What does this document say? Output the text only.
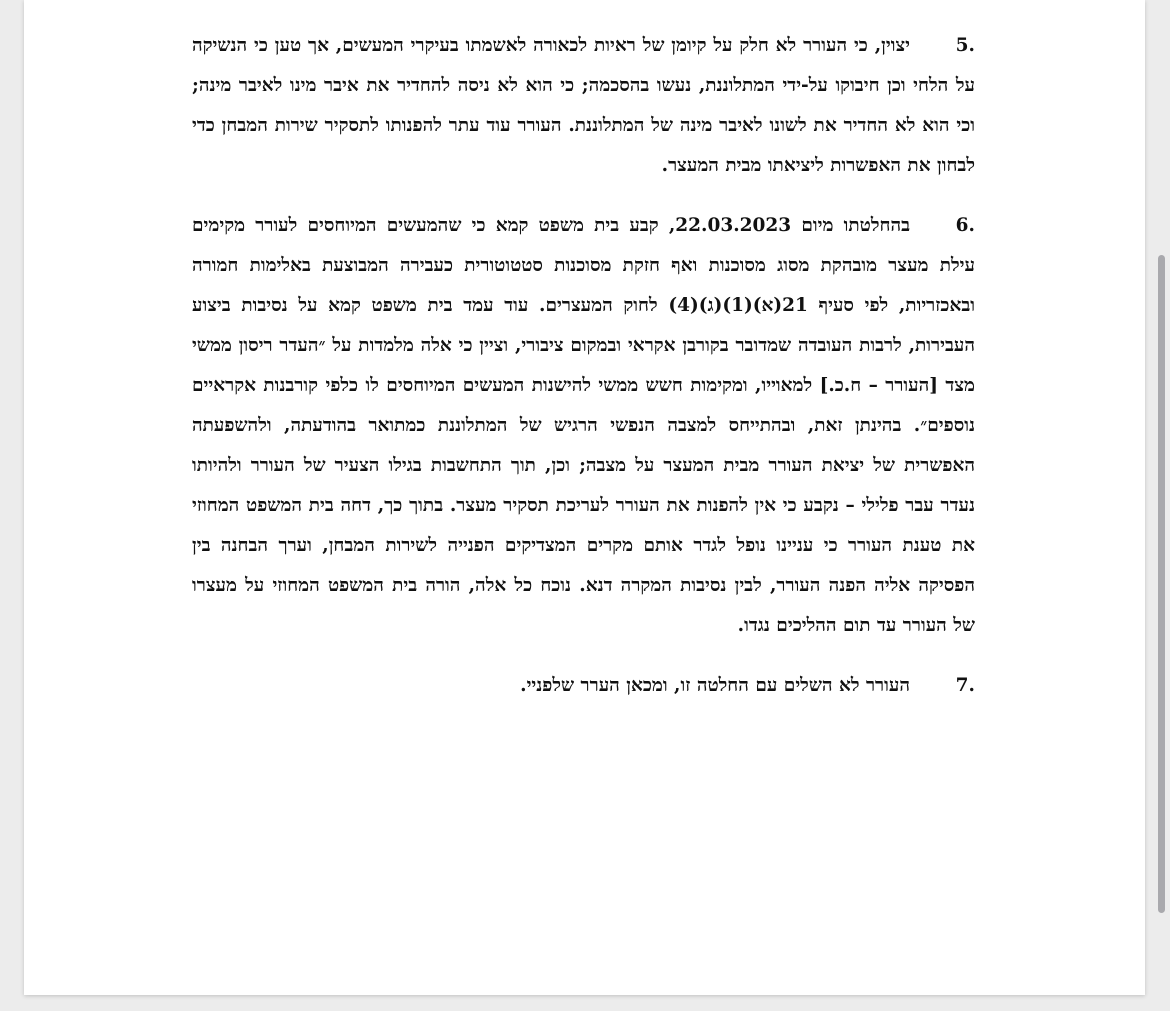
.5
יצוין, כי העורר לא חלק על קיומן של ראיות לכאורה לאשמתו בעיקרי המעשים, אך טען כי הנשיקה על הלחי וכן חיבוקו על-ידי המתלוננת, נעשו בהסכמה; כי הוא לא ניסה להחדיר את איבר מינו לאיבר מינה; וכי הוא לא החדיר את לשונו לאיבר מינה של המתלוננת. העורר עוד עתר להפנותו לתסקיר שירות המבחן כדי לבחון את האפשרות ליציאתו מבית המעצר.

.6
בהחלטתו מיום 22.03.2023, קבע בית משפט קמא כי שהמעשים המיוחסים לעורר מקימים עילת מעצר מובהקת מסוג מסוכנות ואף חזקת מסוכנות סטטוטורית כעבירה המבוצעת באלימות חמורה ובאכזריות, לפי סעיף 21(א)(1)(ג)(4) לחוק המעצרים. עוד עמד בית משפט קמא על נסיבות ביצוע העבירות, לרבות העובדה שמדובר בקורבן אקראי ובמקום ציבורי, וציין כי אלה מלמדות על ״העדר ריסון ממשי מצד [העורר – ח.כ.] למאוייו, ומקימות חשש ממשי להישנות המעשים המיוחסים לו כלפי קורבנות אקראיים נוספים״. בהינתן זאת, ובהתייחס למצבה הנפשי הרגיש של המתלוננת כמתואר בהודעתה, ולהשפעתה האפשרית של יציאת העורר מבית המעצר על מצבה; וכן, תוך התחשבות בגילו הצעיר של העורר ולהיותו נעדר עבר פלילי – נקבע כי אין להפנות את העורר לעריכת תסקיר מעצר. בתוך כך, דחה בית המשפט המחוזי את טענת העורר כי עניינו נופל לגדר אותם מקרים המצדיקים הפנייה לשירות המבחן, וערך הבחנה בין הפסיקה אליה הפנה העורר, לבין נסיבות המקרה דנא. נוכח כל אלה, הורה בית המשפט המחוזי על מעצרו של העורר עד תום ההליכים נגדו.

.7
העורר לא השלים עם החלטה זו, ומכאן הערר שלפניי.
